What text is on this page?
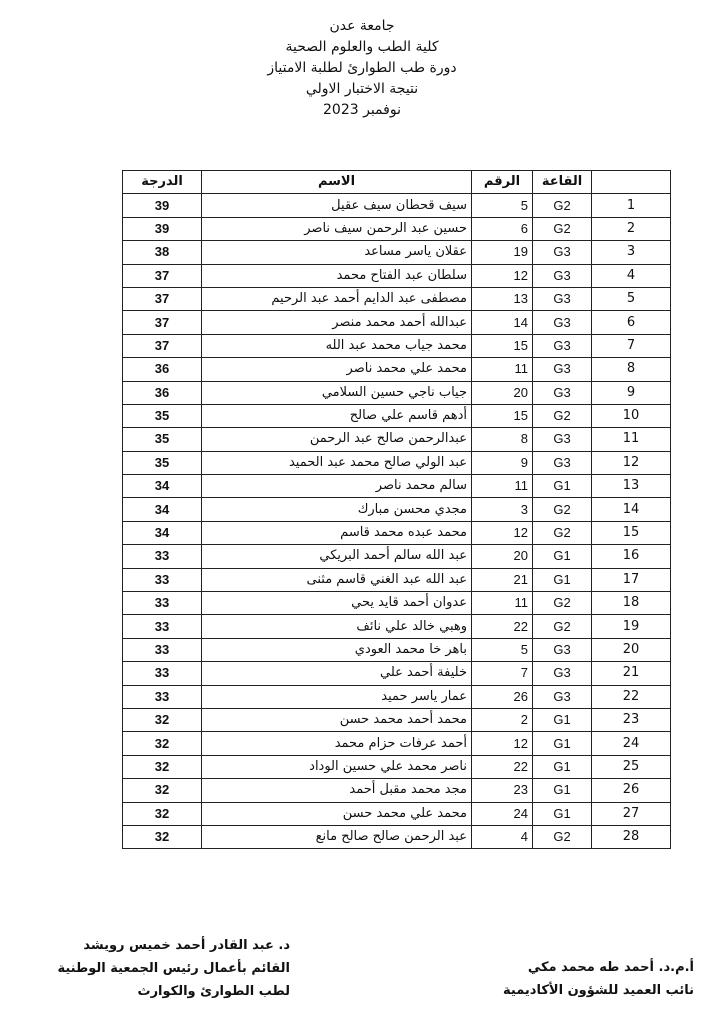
جامعة عدن
كلية الطب والعلوم الصحية
دورة طب الطوارئ لطلبة الامتياز
نتيجة الاختبار الاولي
نوفمبر 2023
	القاعة	الرقم	الاسم	الدرجة
1	G2	5	سيف قحطان سيف عقيل	39
2	G2	6	حسين عبد الرحمن سيف ناصر	39
3	G3	19	عقلان ياسر مساعد	38
4	G3	12	سلطان عبد الفتاح محمد	37
5	G3	13	مصطفى عبد الدايم أحمد عبد الرحيم	37
6	G3	14	عبدالله أحمد محمد منصر	37
7	G3	15	محمد جياب محمد عبد الله	37
8	G3	11	محمد علي محمد ناصر	36
9	G3	20	جياب ناجي حسين السلامي	36
10	G2	15	أدهم قاسم علي صالح	35
11	G3	8	عبدالرحمن صالح عبد الرحمن	35
12	G3	9	عبد الولي صالح محمد عبد الحميد	35
13	G1	11	سالم محمد ناصر	34
14	G2	3	مجدي محسن مبارك	34
15	G2	12	محمد عبده محمد قاسم	34
16	G1	20	عبد الله سالم أحمد البريكي	33
17	G1	21	عبد الله عبد الغني قاسم مثنى	33
18	G2	11	عدوان أحمد قايد يحي	33
19	G2	22	وهبي خالد علي نائف	33
20	G3	5	باهر خا محمد العودي	33
21	G3	7	خليفة أحمد علي	33
22	G3	26	عمار ياسر حميد	33
23	G1	2	محمد أحمد محمد حسن	32
24	G1	12	أحمد عرفات حزام محمد	32
25	G1	22	ناصر محمد علي حسين الوداد	32
26	G1	23	مجد محمد مقبل أحمد	32
27	G1	24	محمد علي محمد حسن	32
28	G2	4	عبد الرحمن صالح صالح مانع	32
أ.م.د. أحمد طه محمد مكي
نائب العميد للشؤون الأكاديمية
د. عبد القادر أحمد خميس رويشد
القائم بأعمال رئيس الجمعية الوطنية
لطب الطوارئ والكوارث
